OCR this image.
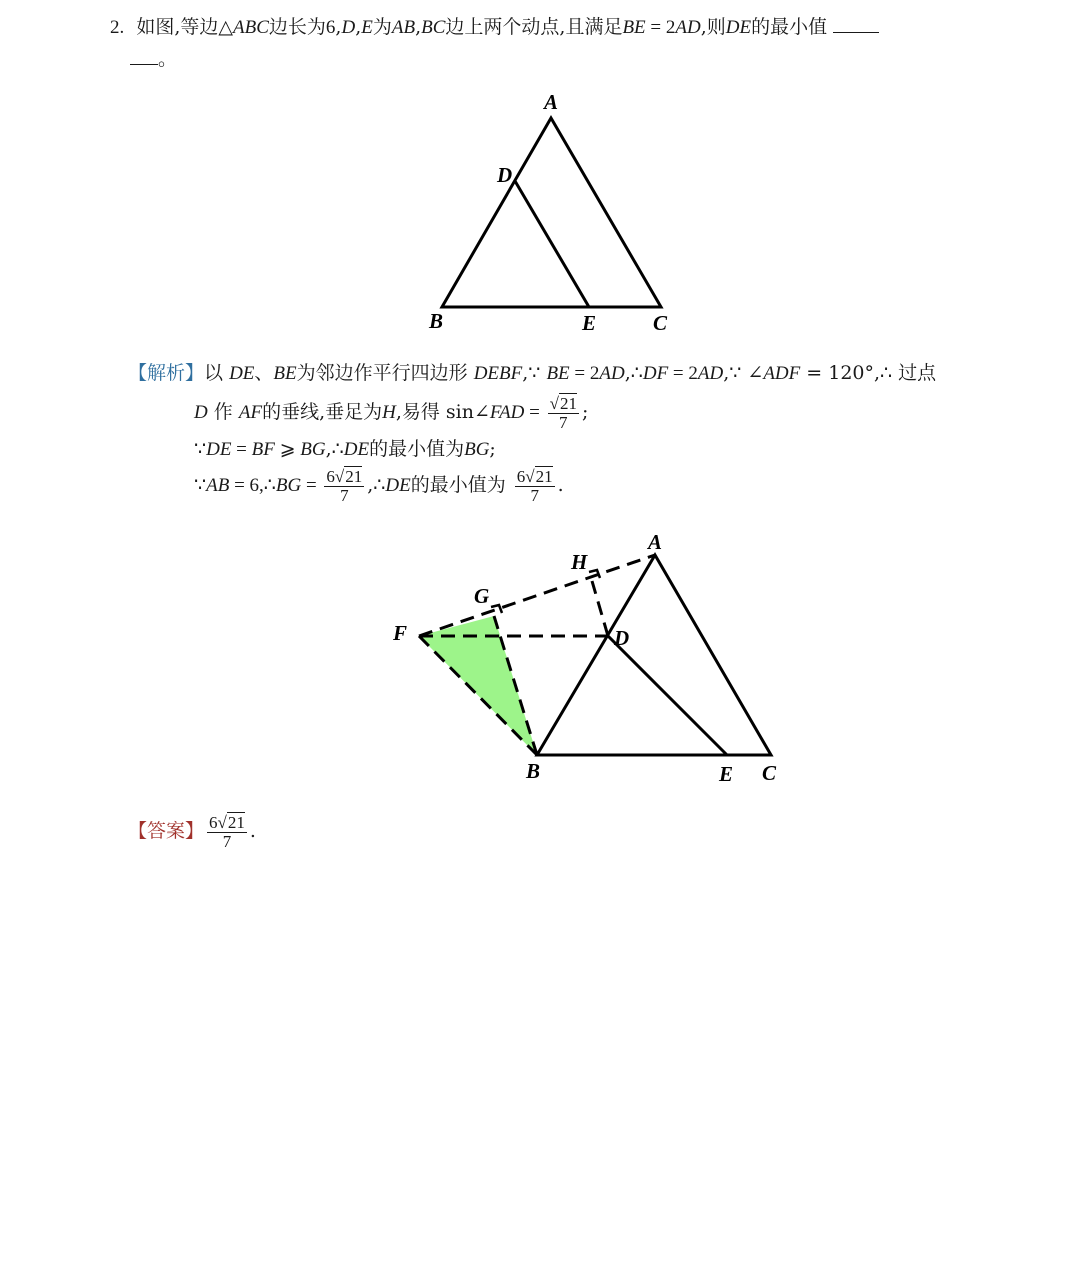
2. 如图,等边△ABC边长为6,D,E为AB,BC边上两个动点,且满足BE = 2AD,则DE的最小值
。
A
D
B	E	C
【解析】以 DE、BE为邻边作平行四边形 DEBF,∵ BE = 2AD,∴DF = 2AD,∵ ∠ADF = 120°,∴ 过点
D 作 AF的垂线,垂足为H,易得 sin∠FAD = $\frac{√21}{7}$ ;
∵DE = BF ⩾ BG,∴DE的最小值为BG;
∵AB = 6,∴BG = $\frac{6√21}{7}$ ,∴DE的最小值为 $\frac{6√21}{7}$ .
A
H
G
F	D
B	E C
【答案】 $\frac{6√21}{7}$ .
